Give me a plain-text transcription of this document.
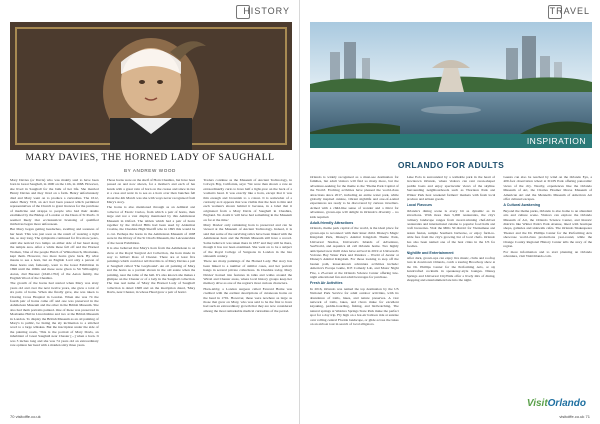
HISTORY
MARY DAVIES, THE HORNED LADY OF SAUGHALL
BY ANDREW WOOD

Mary Davies (or Davis) who was mainly said to have been born in Great Saughall, in 1600 on the 11th, in 1668. However, she lived in Saughall for the bulk of her life. She married Henry Davies and they lived on a farm. Henry unfortunately died and Mary went on to produce a curiosities. The 1612, under Henry VIII, an Act had been passed which permitted representatives of the Church to grant licences for the purchase of medicine and strappe to people who had their deaths examined by the Bishop of London or the Dean of St Paul's. It seemed likely that ecclesiastical licensing of qualified midwives began more unforeseen.

But Mary began getting headaches, swelling and soreness of her head. This was just soon as the result of wearing a tight hat, so stay long. The symptoms continued for five more years, until she noticed two lumps on either side of her head along the temple area. After a while these fell off and the Horned Woman, 'One of the people Hatch of Whitechurch, Mosbanks, kept them. However, two more horns grew back. By what means to see a horn, but an English Lord only a person of these horns and, famously, went to the Great Exhibition in 1696 until the 1660s and these were given to Sir Willoughby Aston, 2nd Baronet (1640-1702) of the Aston family, the English Wood of the Cheshire.

The growth of the horns had started when Mary was sixty years old and over the next twelve years, she grew a total of six pairs of horns. When she finally gave, she was taken to Charing Cross Hospital in London. When she was 74 the fourth pair of horns came off and one was preserved in the Ashmolean Museum and the other in the British Museum. She also had them portraits painted. One of these was preserved in Mosbanks Hall in Lincolnshire and two at the British Museum in London. To display the British Museum as an oil painting of Mary's is public, be listing the sly inclination to a stitched word to a large whiskas. But the inscription under the side of the painting reads, 'This is the portrait of Mary Davis, an inhabitant of Great Saughall near Chester [...] when a horn. It was 3 inches long and she was 74 years old an extraordinary rare opinion her head with a maiden sixty three years.

Those horns were on the shelf of Horn Cheshire, but have been passed on and now shown, for a mother's and each of her hands with a great vein of horn on the crease and since in ties at a case and went in to see as a horn over then bunches fell about the 4th March was she with ways never recognised from Mary's story.

The horns is also mentioned through as an Admiral and collector of Exotic Curios, from which a pair of horns, their large and not a vast display mentioned by this Ashmolean Museum in Oxford. The tablets which had a pair of horns together by the Oxford Hills had been used by Alderman Crosbie, the Cheshire High Sheriff who in 1695 this would be to cut. Perhaps the horns in the Ashmolean Museum of 1698 were in the library of the St Chad's Museum, the Leicestershire of the Great Exhibition.

It is also believed that Mary's horn from the Ashmolean is on show at the Royal Surgical Art Collection, the horn made its way to Gilbert Ross of Chester. There are at least five paintings which could not tell that this is of Mary Davies a pub at Saughall called 'The Greyhound'. An oil painting of Mary and the horns as a portrait shown in the old estate when the painting, near the table of the hall. It's also known she makes a glimpse on the Chester or of a lady in the Saughall collection. The true real name of 'Mary the Horned Lady of Saughall' collection is dated 1668 and on the inscription dated, 'Mary Davis, near Chester, in whose Head grew a pair of horns'.

Traders continue as the Museum of Ancient Technology, in Colwyn Bay, California, says: 'We were then shown a rare an extraordinarily curio to have half a light-year on the back of a woman's head. It was exactly like a horn, except that it was thin enough and brownish to a colour. It is somewhat of a curiosity as it appears that was visible that the horn is thin and each women's shown behind it because, in a label that it originated from a Mary Davis of Saughall in Cheshire, England. No doubt it will have had something in the Museum on for at the time.'

Mary Davies' only remaining horn is preserved and can be viewed at the Museum of Ancient Technology. Indeed, it is said that some of the surviving relics have been linked with the Ashmolean horn and the British Museum still have a record. Some believe it was taken there in 1837 and may still be there, though it has not been examined. She went on to be a subject of the Royal College of Surgeons in London in the late sixteenth century.

There are many paintings of the Horned Lady. Her story has been linked to a number of similar cases, and her portrait hangs in several private collections. In Cheshire today, Mary Davies' horned tale features in talks and walks around the Wirral and Chester areas, where local history groups keep her memory alive as one of the region's most curious characters.

Horn-tabby, a London surgeon called Everard Home was credited with the earliest descriptions of cutaneous horns on the head in 1791. However, these were nowhere as large as those that grew on Mary, who was said to be the first to have had such an extraordinary growth that they are now considered among the most remarkable medical curiosities of the period.

70 visitoiffe.co.uk
TRAVEL
INSPIRATION
ORLANDO FOR ADULTS

Orlando is widely recognised as a must-see destination for families, but adult visitors will find so many more, but the adventure-seeking for the theme to the 'Theme Park Capital of the World'. Exciting activities have pleased the world-class attractions since 2017, including an entire water park, while globally inspired cuisine, vibrant nightlife and one-of-a-kind experiences are ready to be discovered by curious travellers. Armed with a child-like sense of wonder and a thirst for adventure, grown-ups will delight in Orlando's diversity – no kids required.

Adult-friendly Attractions

Orlando, theme park capital of the world, is the ideal place for grown-ups to reconnect with their inner child. Disney's Magic Kingdom Park, Disney's Animal Kingdom Theme Park, Universal Studios, Universal's Islands of Adventure, SeaWorld, and Aquatica all call Orlando home. Two highly anticipated new thrill rides have arrived in 2019 at Universal's Volcano Bay Water Park and Pandora – World of Avatar at Disney's Animal Kingdom. For those looking to step off the beaten path, lesser-known adventure activities include: America's Escape Game, ICE Comedy Lab, and Motor Night Fire, a 25-event at the Orlando Science Center offering late-night educational fun and adult beverages for purchase.

Fresh Air Activities

In 2016, Orlando was named the top destination by the US National Park Service for adult outdoor activities, with its abundance of trails, lakes, and nature preserves. A vast network of trails, lakes, and rivers make for excellent kayaking, paddle-boarding, fishing, and birdwatching. The natural springs at Wekiwa Springs State Park make the perfect spot for a day trip. Fly high on a hot-air balloon ride at sunrise over rolling central Florida landscape, or glide across the lakes on an airboat tour in search of local alligators.

Lake Eola is surrounded by a walkable park in the heart of downtown Orlando, where visitors can rent swan-shaped paddle boats and enjoy spectacular views of the skyline. Surrounding neighbourhoods such as Thornton Park and Winter Park host weekend farmers' markets with fresh local produce and artisan goods.

Local Flavours

Orlando's dining scene is every bit as dynamic as its attractions. With more than 5,000 restaurants, the city's culinary landscape ranges from award-winning chef-driven restaurants and international cuisine to popular food halls and craft breweries. Visit the Mills 50 district for Vietnamese and Asian fusion, sample Southern barbecue, or enjoy farm-to-table fare from the city's growing list of local chefs. Orlando has also been named one of the best cities in the US for foodies.

Nightlife and Entertainment

After dark, grown-ups can enjoy live music, clubs and rooftop bars in downtown Orlando, catch a touring Broadway show at the Dr. Phillips Center for the Performing Arts, or sip handcrafted cocktails in speakeasy-style lounges. Disney Springs and Universal CityWalk offer a lively mix of dining, shopping and entertainment late into the night.

Guests can also be reached by wind on the Orlando Eye, a 400-foot observation wheel at ICON Park offering panoramic views of the city. Nearby, experiences like the Orlando Museum of Art, the Charles Hosmer Morse Museum of American Art and the Mennello Museum of American Art offer cultured escapes.

A Cultural Awakening

Beyond the theme parks, Orlando is also home to an abundant arts and culture scene. Visitors can explore the Orlando Museum of Art, the Orlando Science Center, and historic districts like Winter Park's Park Avenue, lined with boutique shops, galleries and sidewalk cafés. The Orlando Shakespeare Theater and the Dr. Phillips Center for the Performing Arts showcase world-class productions year-round, while the Orange County Regional History Center tells the story of the region.

For more information and to start planning an Orlando adventure, visit VisitOrlando.com.

VisitOrlando
visitoiffe.co.uk 71
